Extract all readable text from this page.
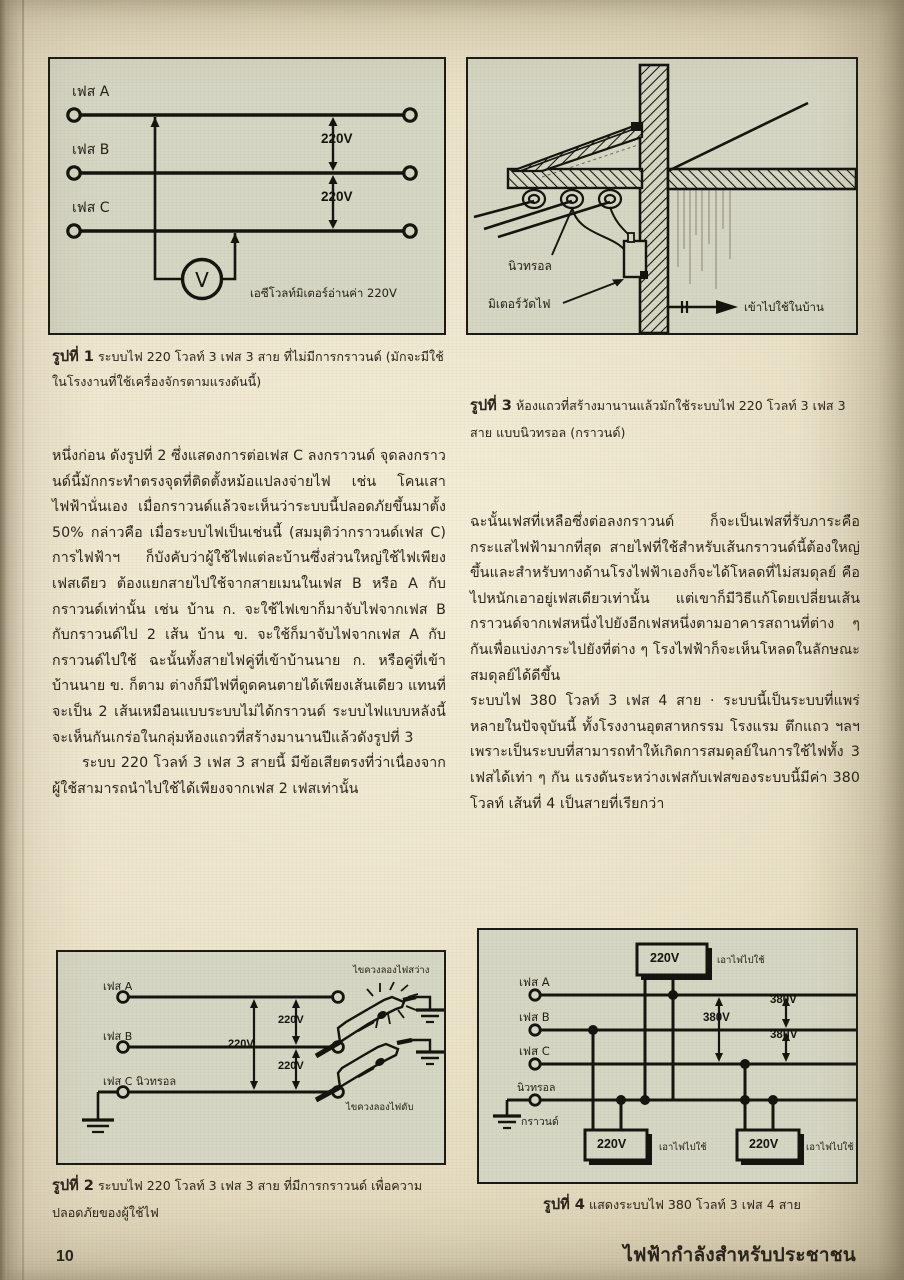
V
เฟส A
เฟส B
เฟส C
220V
220V
เอซีโวลท์มิเตอร์อ่านค่า 220V
รูปที่ 1 ระบบไฟ 220 โวลท์ 3 เฟส 3 สาย ที่ไม่มีการกราวนด์ (มักจะมีใช้ในโรงงานที่ใช้เครื่องจักรตามแรงดันนี้)

หนึ่งก่อน ดังรูปที่ 2 ซึ่งแสดงการต่อเฟส C ลงกราวนด์ จุดลงกราวนด์นี้มักกระทำตรงจุดที่ติดตั้งหม้อแปลงจ่ายไฟ เช่น โคนเสาไฟฟ้านั่นเอง เมื่อกราวนด์แล้วจะเห็นว่าระบบนี้ปลอดภัยขึ้นมาตั้ง 50% กล่าวคือ เมื่อระบบไฟเป็นเช่นนี้ (สมมุติว่ากราวนด์เฟส C) การไฟฟ้าฯ ก็บังคับว่าผู้ใช้ไฟแต่ละบ้านซึ่งส่วนใหญ่ใช้ไฟเพียงเฟสเดียว ต้องแยกสายไปใช้จากสายเมนในเฟส B หรือ A กับกราวนด์เท่านั้น เช่น บ้าน ก. จะใช้ไฟเขาก็มาจับไฟจากเฟส B กับกราวนด์ไป 2 เส้น บ้าน ข. จะใช้ก็มาจับไฟจากเฟส A กับกราวนด์ไปใช้ ฉะนั้นทั้งสายไฟคู่ที่เข้าบ้านนาย ก. หรือคู่ที่เข้าบ้านนาย ข. ก็ตาม ต่างก็มีไฟที่ดูดคนตายได้เพียงเส้นเดียว แทนที่จะเป็น 2 เส้นเหมือนแบบระบบไม่ได้กราวนด์ ระบบไฟแบบหลังนี้จะเห็นกันเกร่อในกลุ่มห้องแถวที่สร้างมานานปีแล้วดังรูปที่ 3

ระบบ 220 โวลท์ 3 เฟส 3 สายนี้ มีข้อเสียตรงที่ว่าเนื่องจากผู้ใช้สามารถนำไปใช้ได้เพียงจากเฟส 2 เฟสเท่านั้น

นิวทรอล
มิเตอร์วัดไฟ	เข้าไปใช้ในบ้าน
รูปที่ 3 ห้องแถวที่สร้างมานานแล้วมักใช้ระบบไฟ 220 โวลท์ 3 เฟส 3 สาย แบบนิวทรอล (กราวนด์)

ฉะนั้นเฟสที่เหลือซึ่งต่อลงกราวนด์ ก็จะเป็นเฟสที่รับภาระคือ กระแสไฟฟ้ามากที่สุด สายไฟที่ใช้สำหรับเส้นกราวนด์นี้ต้องใหญ่ขึ้นและสำหรับทางด้านโรงไฟฟ้าเองก็จะได้โหลดที่ไม่สมดุลย์ คือ ไปหนักเอาอยู่เฟสเดียวเท่านั้น แต่เขาก็มีวิธีแก้โดยเปลี่ยนเส้นกราวนด์จากเฟสหนึ่งไปยังอีกเฟสหนึ่งตามอาคารสถานที่ต่าง ๆ กันเพื่อแบ่งภาระไปยังที่ต่าง ๆ โรงไฟฟ้าก็จะเห็นโหลดในลักษณะสมดุลย์ได้ดีขึ้น

ระบบไฟ 380 โวลท์ 3 เฟส 4 สาย · ระบบนี้เป็นระบบที่แพร่หลายในปัจจุบันนี้ ทั้งโรงงานอุตสาหกรรม โรงแรม ตึกแถว ฯลฯ เพราะเป็นระบบที่สามารถทำให้เกิดการสมดุลย์ในการใช้ไฟทั้ง 3 เฟสได้เท่า ๆ กัน แรงดันระหว่างเฟสกับเฟสของระบบนี้มีค่า 380 โวลท์ เส้นที่ 4 เป็นสายที่เรียกว่า

เฟส A
เฟส B
เฟส C นิวทรอล
220V
220V
220V
ไขควงลองไฟสว่าง
ไขควงลองไฟดับ
รูปที่ 2 ระบบไฟ 220 โวลท์ 3 เฟส 3 สาย ที่มีการกราวนด์ เพื่อความปลอดภัยของผู้ใช้ไฟ
เฟส A
เฟส B
เฟส C
นิวทรอล
กราวนด์
220V	เอาไฟไปใช้
220V	เอาไฟไปใช้	220V	เอาไฟไปใช้
380V
380V
38uV
รูปที่ 4 แสดงระบบไฟ 380 โวลท์ 3 เฟส 4 สาย
10	ไฟฟ้ากำลังสำหรับประชาชน
